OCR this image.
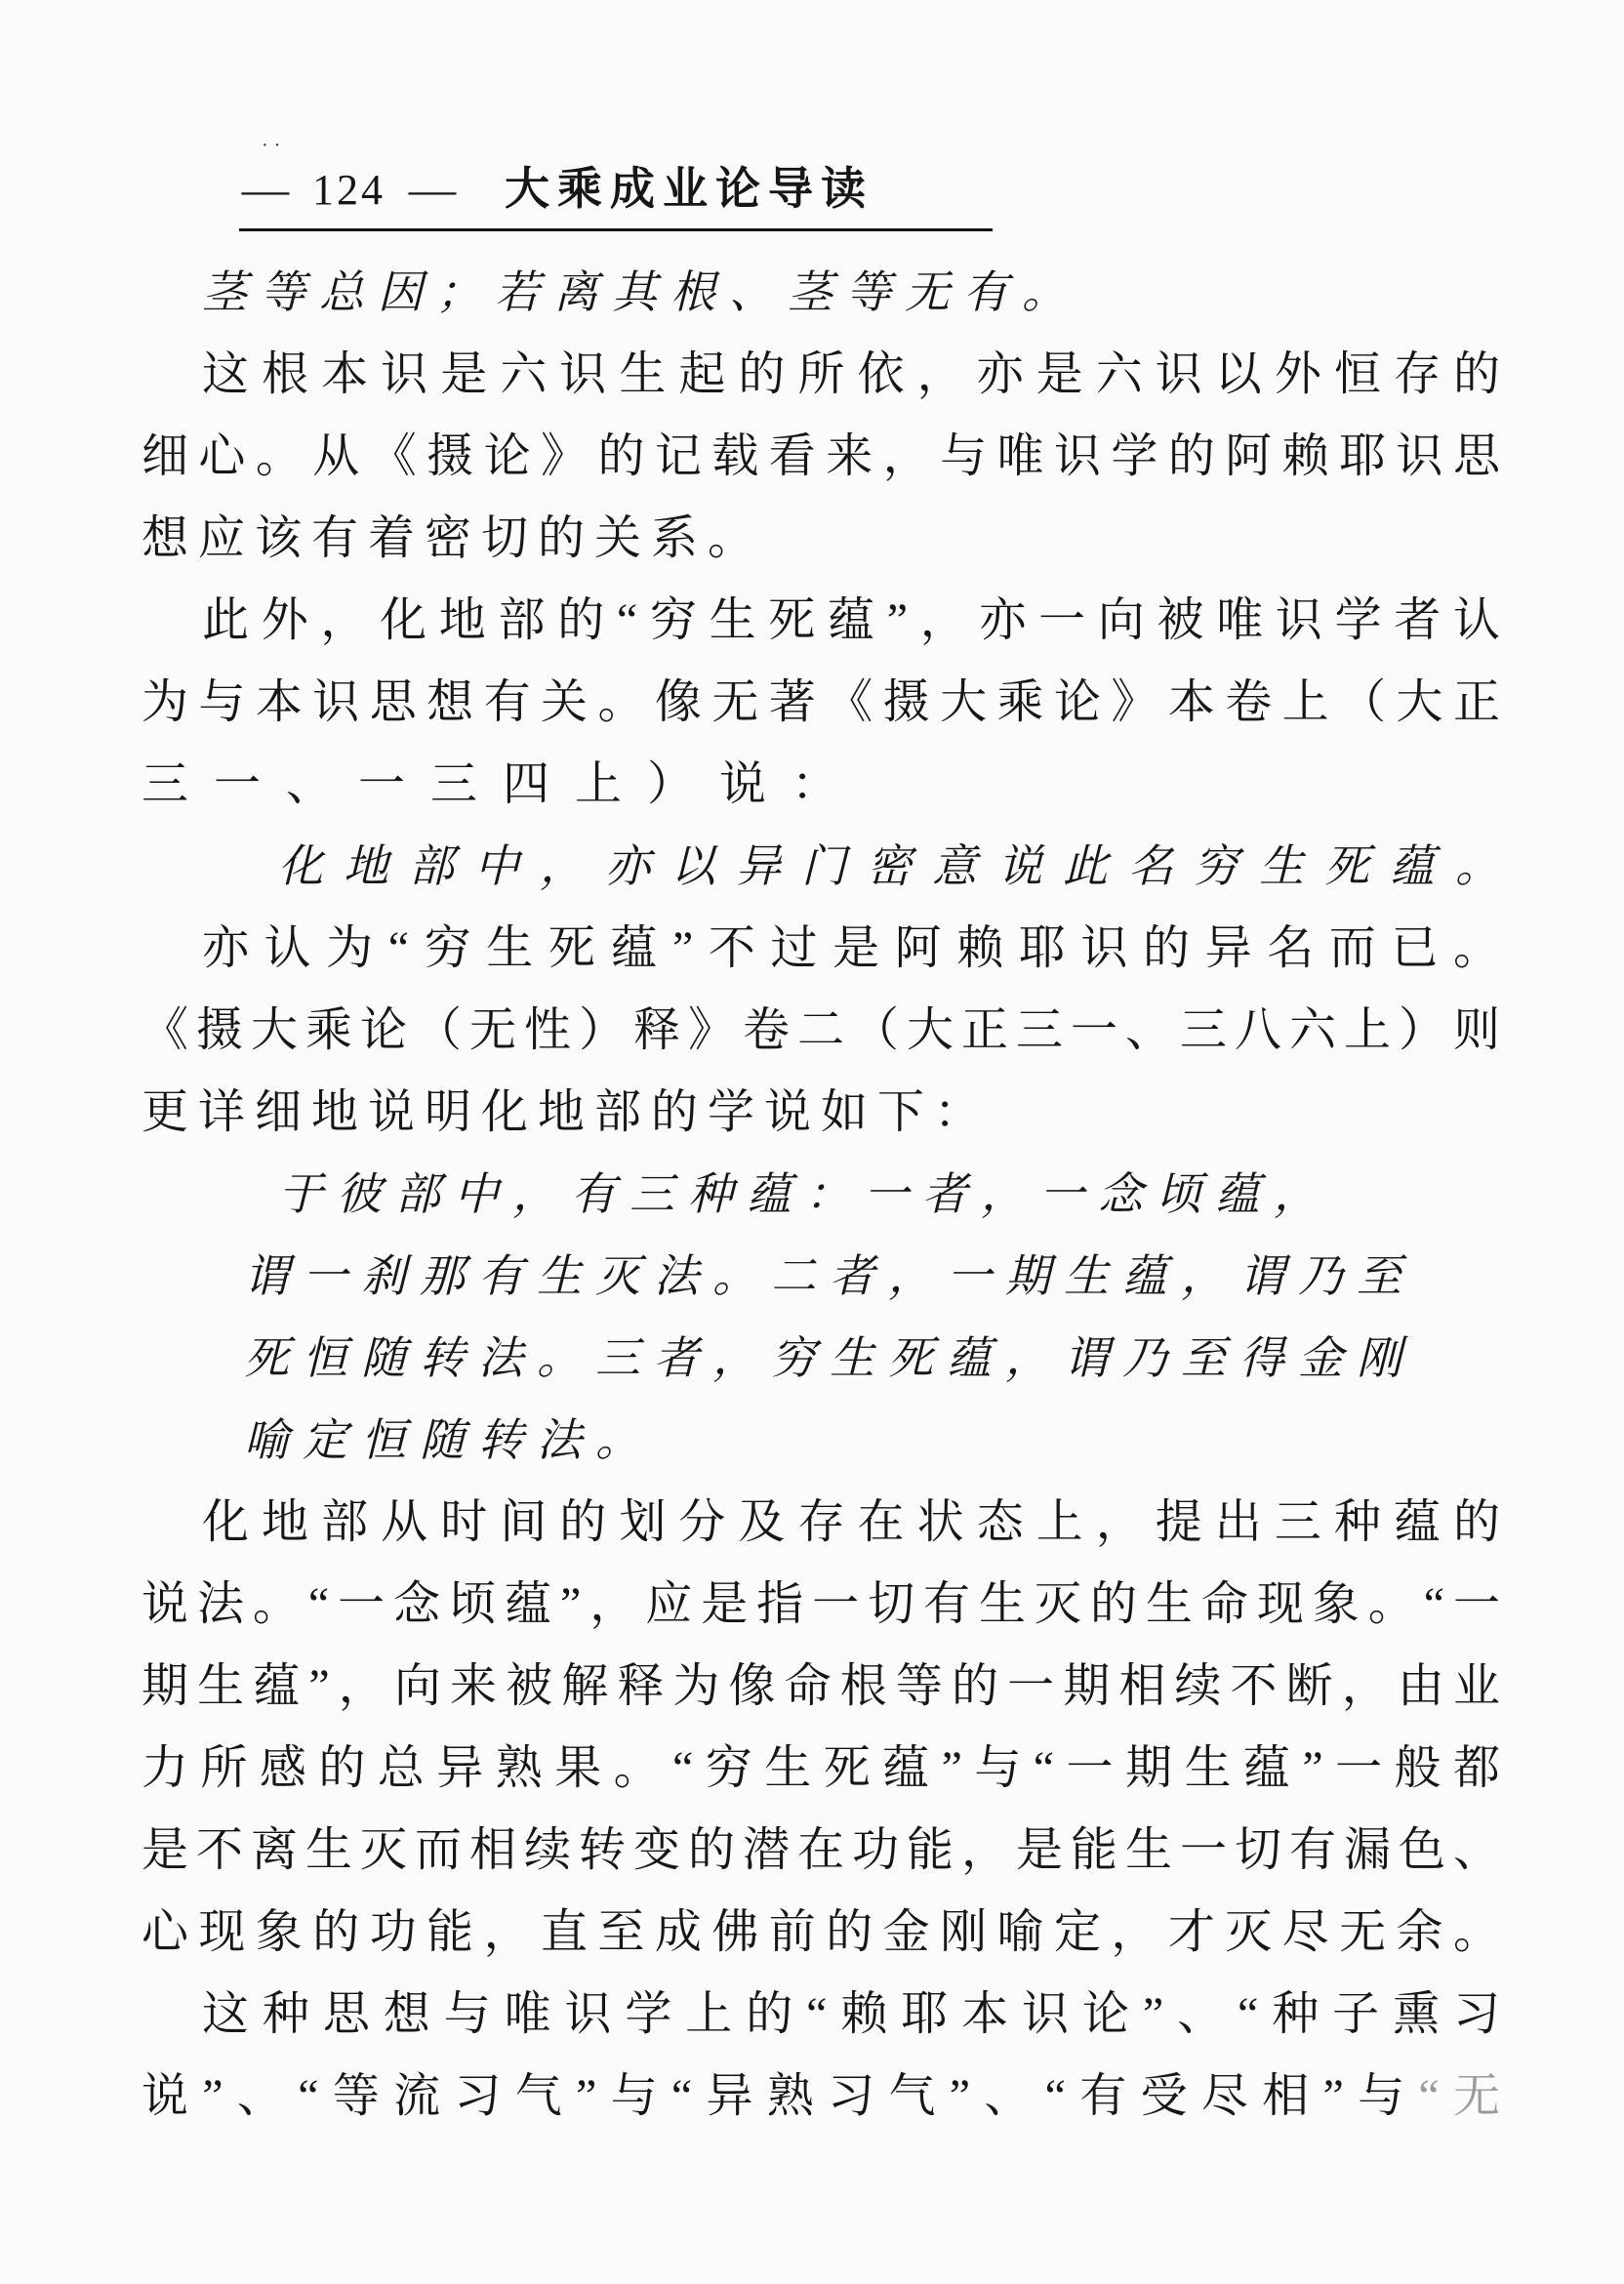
··
— 124 — 大乘成业论导读
茎等总因；若离其根、茎等无有。
这根本识是六识生起的所依，亦是六识以外恒存的
细心。从《摄论》的记载看来，与唯识学的阿赖耶识思
想应该有着密切的关系。
此外，化地部的“穷生死蕴”，亦一向被唯识学者认
为与本识思想有关。像无著《摄大乘论》本卷上（大正
三一、一三四上）说：
化地部中，亦以异门密意说此名穷生死蕴。
亦认为“穷生死蕴”不过是阿赖耶识的异名而已。
《摄大乘论（无性）释》卷二（大正三一、三八六上）则
更详细地说明化地部的学说如下：
于彼部中，有三种蕴：一者，一念顷蕴，
谓一刹那有生灭法。二者，一期生蕴，谓乃至
死恒随转法。三者，穷生死蕴，谓乃至得金刚
喻定恒随转法。
化地部从时间的划分及存在状态上，提出三种蕴的
说法。“一念顷蕴”，应是指一切有生灭的生命现象。“一
期生蕴”，向来被解释为像命根等的一期相续不断，由业
力所感的总异熟果。“穷生死蕴”与“一期生蕴”一般都
是不离生灭而相续转变的潜在功能，是能生一切有漏色、
心现象的功能，直至成佛前的金刚喻定，才灭尽无余。
这种思想与唯识学上的“赖耶本识论”、“种子熏习
说”、“等流习气”与“异熟习气”、“有受尽相”与“无
